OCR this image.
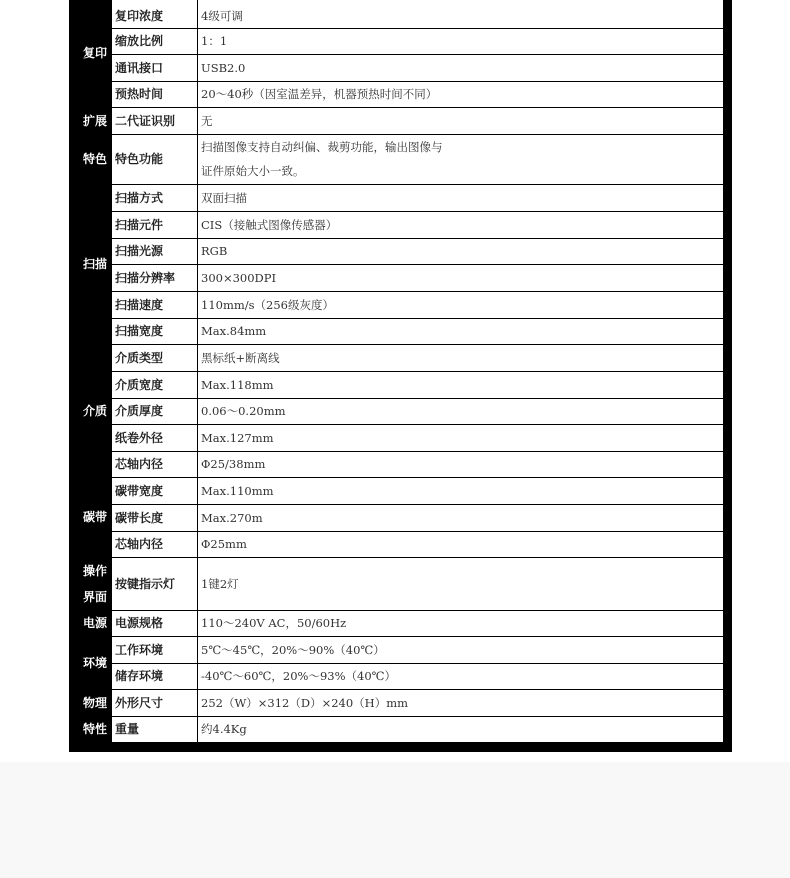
复印	复印浓度	4级可调
	缩放比例	1：1
	通讯接口	USB2.0
	预热时间	20～40秒（因室温差异，机器预热时间不同）
扩展	二代证识别	无
特色	特色功能	扫描图像支持自动纠偏、裁剪功能，输出图像与
证件原始大小一致。

扫描	扫描方式	双面扫描
	扫描元件	CIS（接触式图像传感器）
	扫描光源	RGB
	扫描分辨率	300×300DPI
	扫描速度	110mm/s（256级灰度）
	扫描宽度	Max.84mm
介质	介质类型	黑标纸+断离线
	介质宽度	Max.118mm
	介质厚度	0.06～0.20mm
	纸卷外径	Max.127mm
	芯轴内径	Φ25/38mm
碳带	碳带宽度	Max.110mm
	碳带长度	Max.270m
	芯轴内径	Φ25mm

操作
界面	按键指示灯	1键2灯
电源	电源规格	110～240V AC，50/60Hz
环境	工作环境	5℃～45℃，20%～90%（40℃）
	储存环境	-40℃～60℃，20%～93%（40℃）

物理
特性	外形尺寸	252（W）×312（D）×240（H）mm
	重量	约4.4Kg
